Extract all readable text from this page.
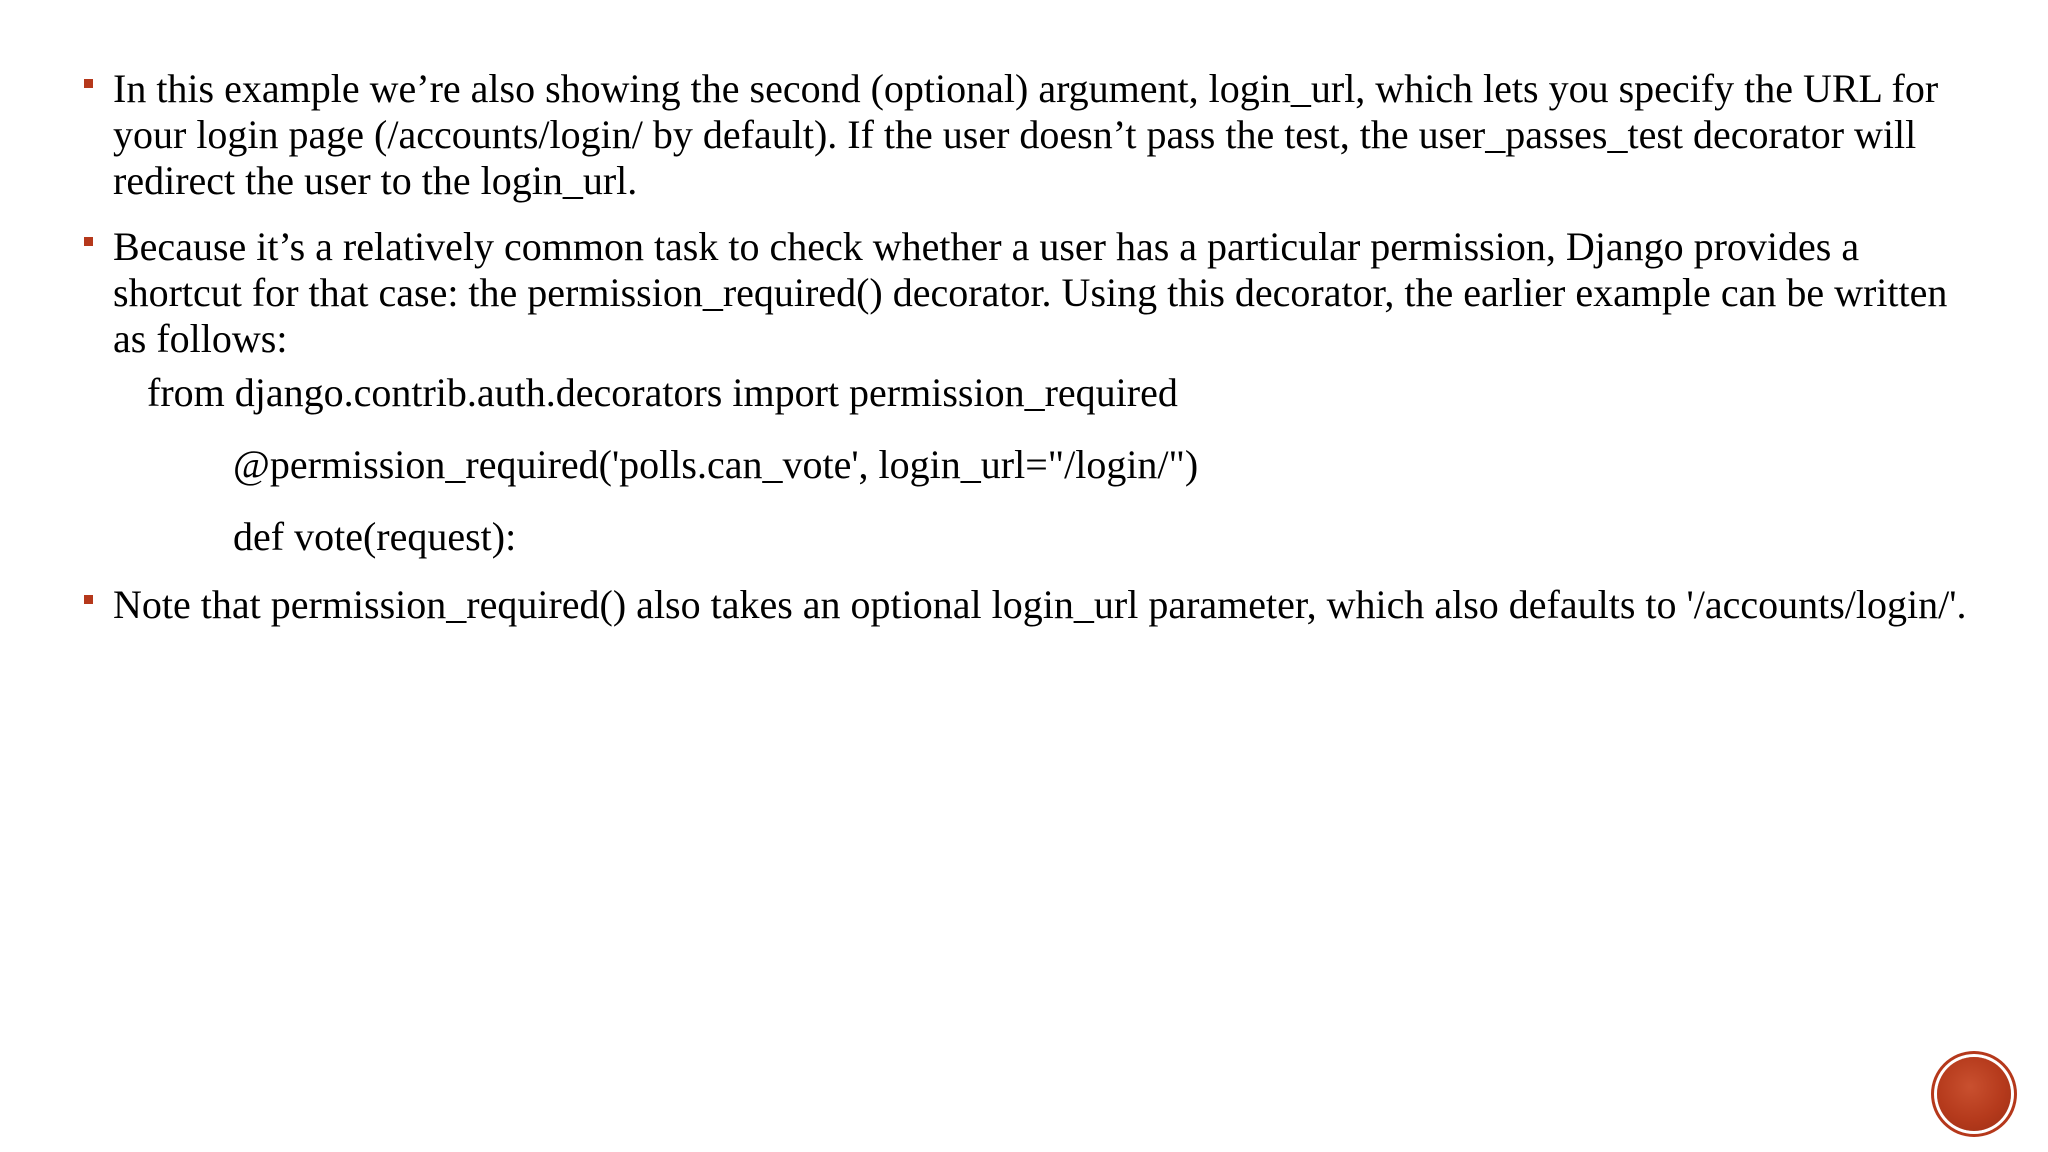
In this example we’re also showing the second (optional) argument, login_url, which lets you specify the URL for your login page (/accounts/login/ by default). If the user doesn’t pass the test, the user_passes_test decorator will redirect the user to the login_url.
Because it’s a relatively common task to check whether a user has a particular permission, Django provides a shortcut for that case: the permission_required() decorator. Using this decorator, the earlier example can be written as follows:
from django.contrib.auth.decorators import permission_required
@permission_required('polls.can_vote', login_url="/login/")
def vote(request):
Note that permission_required() also takes an optional login_url parameter, which also defaults to '/accounts/login/'.
